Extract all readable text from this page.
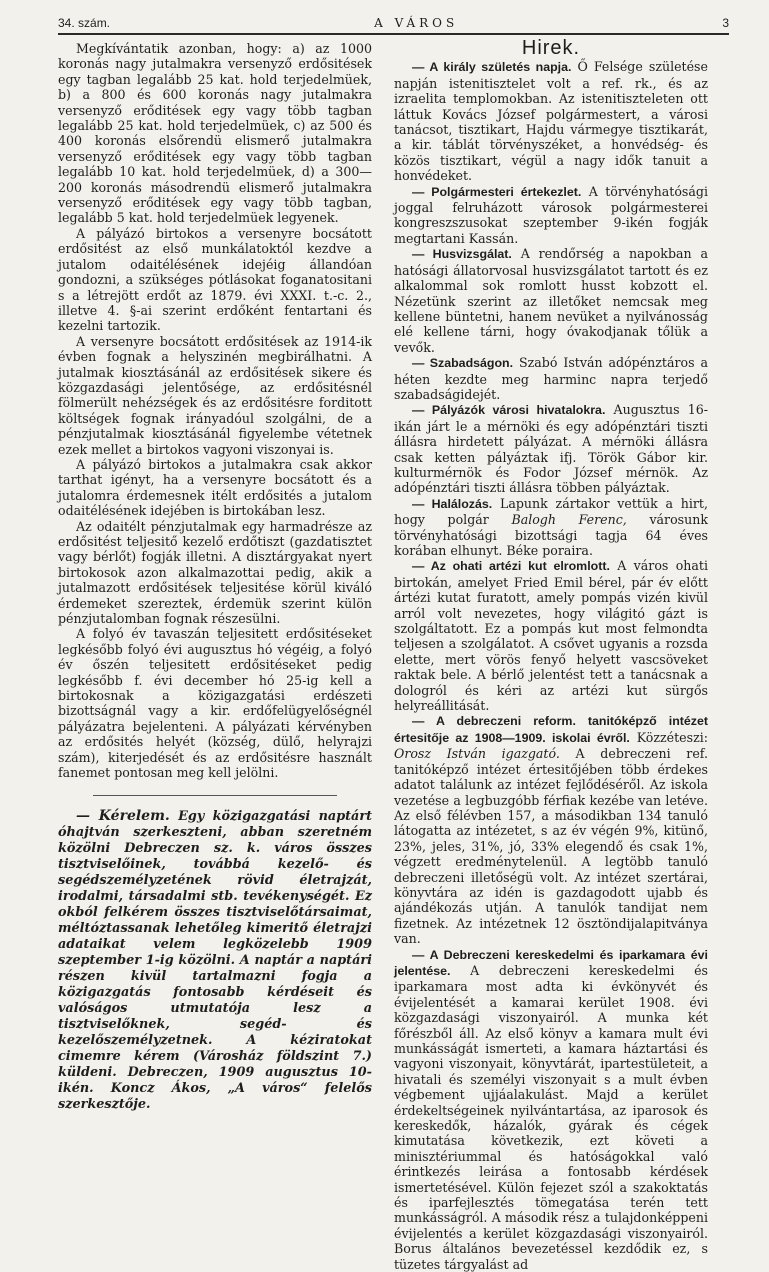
34. szám.	A VÁROS	3

Megkívántatik azonban, hogy: a) az 1000 koronás nagy jutalmakra versenyző erdősitések egy tagban legalább 25 kat. hold terjedelmüek, b) a 800 és 600 koronás nagy jutalmakra versenyző erőditések egy vagy több tagban legalább 25 kat. hold terjedelmüek, c) az 500 és 400 koronás elsőrendü elismerő jutalmakra versenyző erőditések egy vagy több tagban legalább 10 kat. hold terjedelmüek, d) a 300—200 koronás másodrendü elismerő jutalmakra versenyző erőditések egy vagy több tagban, legalább 5 kat. hold terjedelmüek legyenek.

A pályázó birtokos a versenyre bocsátott erdősitést az első munkálatoktól kezdve a jutalom odaitélésének idejéig állandóan gondozni, a szükséges pótlásokat foganatositani s a létrejött erdőt az 1879. évi XXXI. t.-c. 2., illetve 4. §-ai szerint erdőként fentartani és kezelni tartozik.

A versenyre bocsátott erdősitések az 1914-ik évben fognak a helyszinén megbirálhatni. A jutalmak kiosztásánál az erdősitések sikere és közgazdasági jelentősége, az erdősitésnél fölmerült nehézségek és az erdősitésre forditott költségek fognak irányadóul szolgálni, de a pénzjutalmak kiosztásánál figyelembe vétetnek ezek mellet a birtokos vagyoni viszonyai is.

A pályázó birtokos a jutalmakra csak akkor tarthat igényt, ha a versenyre bocsátott és a jutalomra érdemesnek itélt erdősités a jutalom odaitélésének idejében is birtokában lesz.

Az odaitélt pénzjutalmak egy harmadrésze az erdősitést teljesitő kezelő erdőtiszt (gazdatisztet vagy bérlőt) fogják illetni. A disztárgyakat nyert birtokosok azon alkalmazottai pedig, akik a jutalmazott erdősitések teljesitése körül kiváló érdemeket szereztek, érdemük szerint külön pénzjutalomban fognak részesülni.

A folyó év tavaszán teljesitett erdősitéseket legkésőbb folyó évi augusztus hó végéig, a folyó év őszén teljesitett erdősitéseket pedig legkésőbb f. évi december hó 25-ig kell a birtokosnak a közigazgatási erdészeti bizottságnál vagy a kir. erdőfelügyelőségnél pályázatra bejelenteni. A pályázati kérvényben az erdősités helyét (község, dülő, helyrajzi szám), kiterjedését és az erdősitésre használt fanemet pontosan meg kell jelölni.

— Kérelem. Egy közigazgatási naptárt óhajtván szerkeszteni, abban szeretném közölni Debreczen sz. k. város összes tisztviselőinek, továbbá kezelő- és segédszemélyzetének rövid életrajzát, irodalmi, társadalmi stb. tevékenységét. Ez okból felkérem összes tisztviselőtársaimat, méltóztassanak lehetőleg kimeritő életrajzi adataikat velem legközelebb 1909 szeptember 1-ig közölni. A naptár a naptári részen kivül tartalmazni fogja a közigazgatás fontosabb kérdéseit és valóságos utmutatója lesz a tisztviselőknek, segéd- és kezelőszemélyzetnek. A kéziratokat cimemre kérem (Városház földszint 7.) küldeni. Debreczen, 1909 augusztus 10-ikén. Koncz Ákos, „A város“ felelős szerkesztője.

Hirek.

— A király születés napja. Ő Felsége születése napján istenitisztelet volt a ref. rk., és az izraelita templomokban. Az istenitiszteleten ott láttuk Kovács József polgármestert, a városi tanácsot, tisztikart, Hajdu vármegye tisztikarát, a kir. táblát törvényszéket, a honvédség- és közös tisztikart, végül a nagy idők tanuit a honvédeket.

— Polgármesteri értekezlet. A törvényhatósági joggal felruházott városok polgármesterei kongreszszusokat szeptember 9-ikén fogják megtartani Kassán.

— Husvizsgálat. A rendőrség a napokban a hatósági állatorvosal husvizsgálatot tartott és ez alkalommal sok romlott husst kobzott el. Nézetünk szerint az illetőket nemcsak meg kellene büntetni, hanem nevüket a nyilvánosság elé kellene tárni, hogy óvakodjanak tőlük a vevők.

— Szabadságon. Szabó István adópénztáros a héten kezdte meg harminc napra terjedő szabadságidejét.

— Pályázók városi hivatalokra. Augusztus 16-ikán járt le a mérnöki és egy adópénztári tiszti állásra hirdetett pályázat. A mérnöki állásra csak ketten pályáztak ifj. Török Gábor kir. kulturmérnök és Fodor József mérnök. Az adópénztári tiszti állásra többen pályáztak.

— Halálozás. Lapunk zártakor vettük a hirt, hogy polgár Balogh Ferenc, városunk törvényhatósági bizottsági tagja 64 éves korában elhunyt. Béke poraira.

— Az ohati artézi kut elromlott. A város ohati birtokán, amelyet Fried Emil bérel, pár év előtt ártézi kutat furatott, amely pompás vizén kivül arról volt nevezetes, hogy világitó gázt is szolgáltatott. Ez a pompás kut most felmondta teljesen a szolgálatot. A csővet ugyanis a rozsda elette, mert vörös fenyő helyett vascsöveket raktak bele. A bérlő jelentést tett a tanácsnak a dologról és kéri az artézi kut sürgős helyreállitását.

— A debreczeni reform. tanitóképző intézet értesitője az 1908—1909. iskolai évről. Közzéteszi: Orosz István igazgató. A debreczeni ref. tanitóképző intézet értesitőjében több érdekes adatot találunk az intézet fejlődéséről. Az iskola vezetése a legbuzgóbb férfiak kezébe van letéve. Az első félévben 157, a másodikban 134 tanuló látogatta az intézetet, s az év végén 9%, kitünő, 23%, jeles, 31%, jó, 33% elegendő és csak 1%, végzett eredménytelenül. A legtöbb tanuló debreczeni illetőségü volt. Az intézet szertárai, könyvtára az idén is gazdagodott ujabb és ajándékozás utján. A tanulók tandijat nem fizetnek. Az intézetnek 12 ösztöndijalapitványa van.

— A Debreczeni kereskedelmi és iparkamara évi jelentése. A debreczeni kereskedelmi és iparkamara most adta ki évkönyvét és évijelentését a kamarai kerület 1908. évi közgazdasági viszonyairól. A munka két főrészből áll. Az első könyv a kamara mult évi munkásságát ismerteti, a kamara háztartási és vagyoni viszonyait, könyvtárát, ipartestületeit, a hivatali és személyi viszonyait s a mult évben végbement ujjáalakulást. Majd a kerület érdekeltségeinek nyilvántartása, az iparosok és kereskedők, házalók, gyárak és cégek kimutatása következik, ezt követi a minisztériummal és hatóságokkal való érintkezés leirása a fontosabb kérdések ismertetésével. Külön fejezet szól a szakoktatás és iparfejlesztés tömegatása terén tett munkásságról. A második rész a tulajdonképpeni évijelentés a kerület közgazdasági viszonyairól. Borus általános bevezetéssel kezdődik ez, s tüzetes tárgyalást ad
